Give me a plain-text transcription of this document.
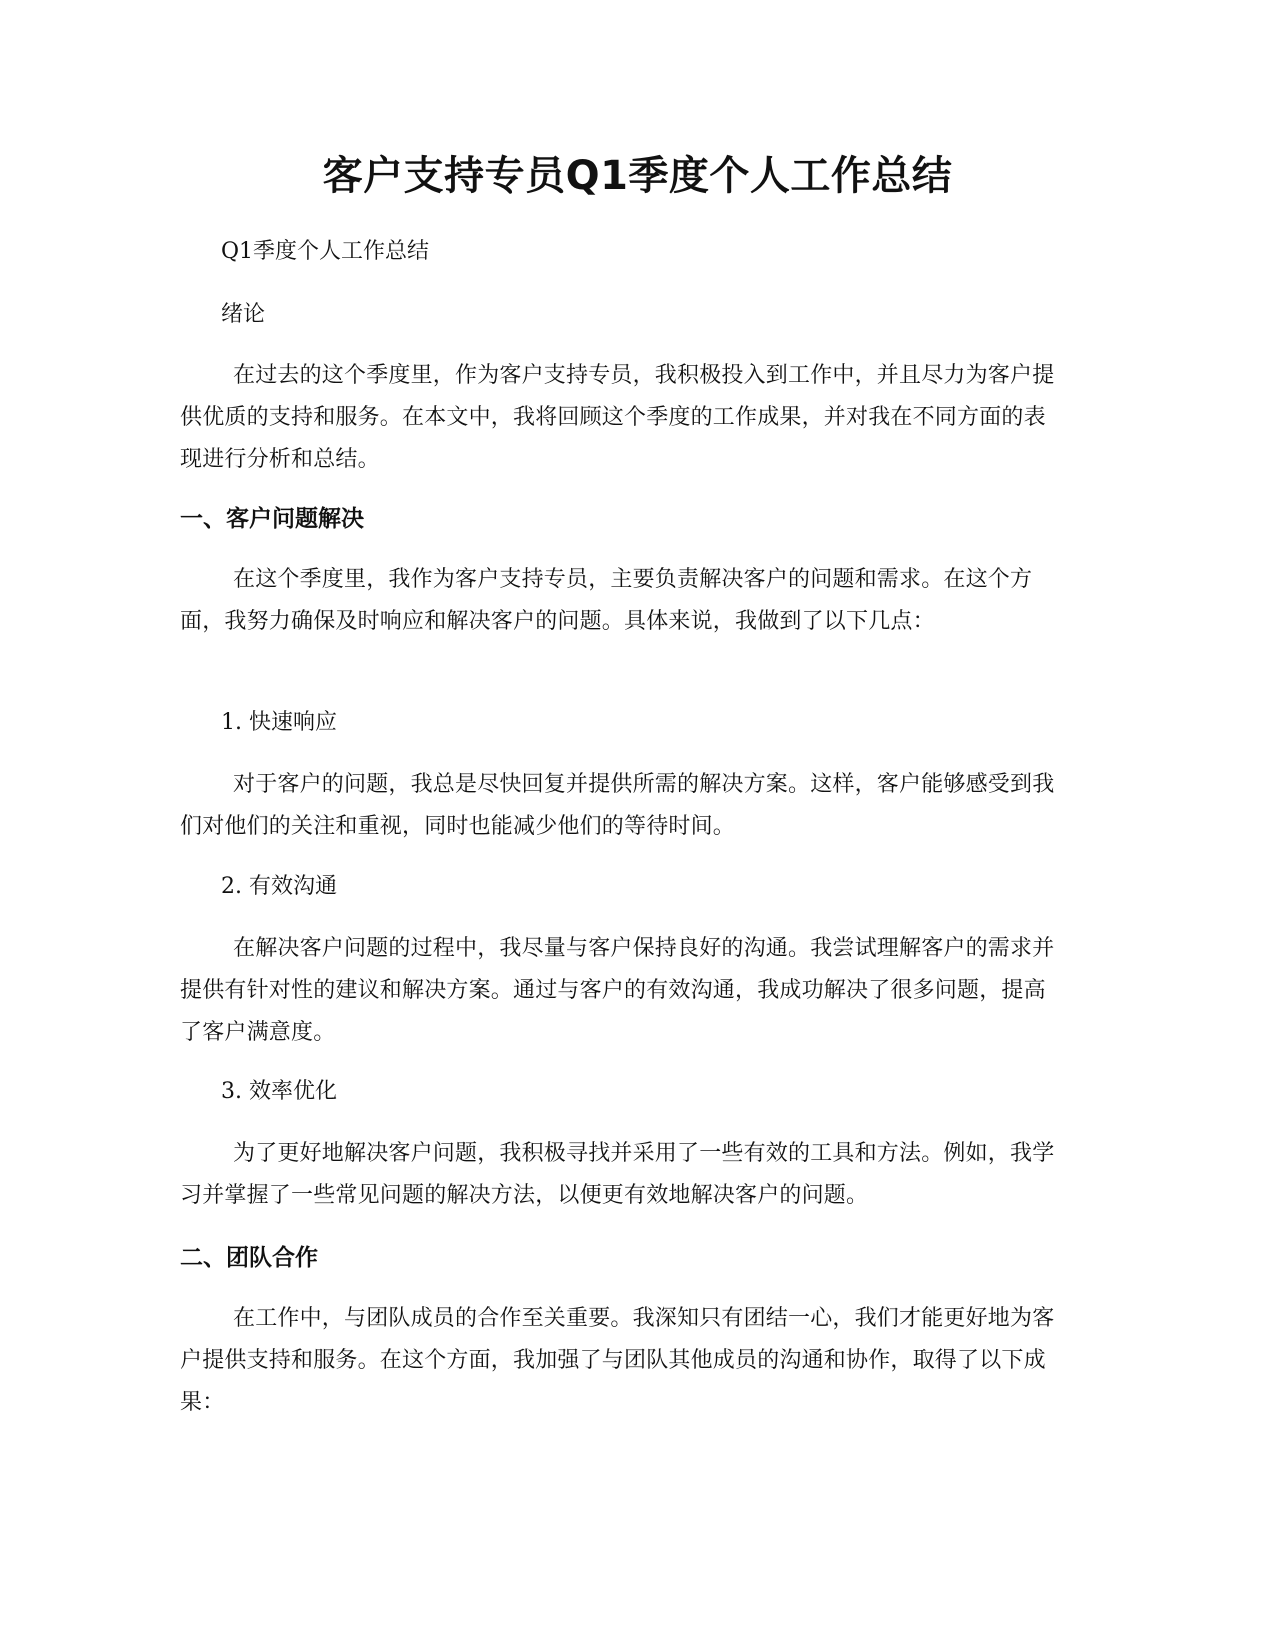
客户支持专员Q1季度个人工作总结

Q1季度个人工作总结

绪论

在过去的这个季度里，作为客户支持专员，我积极投入到工作中，并且尽力为客户提供优质的支持和服务。在本文中，我将回顾这个季度的工作成果，并对我在不同方面的表现进行分析和总结。

一、客户问题解决

在这个季度里，我作为客户支持专员，主要负责解决客户的问题和需求。在这个方面，我努力确保及时响应和解决客户的问题。具体来说，我做到了以下几点：

1. 快速响应

对于客户的问题，我总是尽快回复并提供所需的解决方案。这样，客户能够感受到我们对他们的关注和重视，同时也能减少他们的等待时间。

2. 有效沟通

在解决客户问题的过程中，我尽量与客户保持良好的沟通。我尝试理解客户的需求并提供有针对性的建议和解决方案。通过与客户的有效沟通，我成功解决了很多问题，提高了客户满意度。

3. 效率优化

为了更好地解决客户问题，我积极寻找并采用了一些有效的工具和方法。例如，我学习并掌握了一些常见问题的解决方法，以便更有效地解决客户的问题。

二、团队合作

在工作中，与团队成员的合作至关重要。我深知只有团结一心，我们才能更好地为客户提供支持和服务。在这个方面，我加强了与团队其他成员的沟通和协作，取得了以下成果：
